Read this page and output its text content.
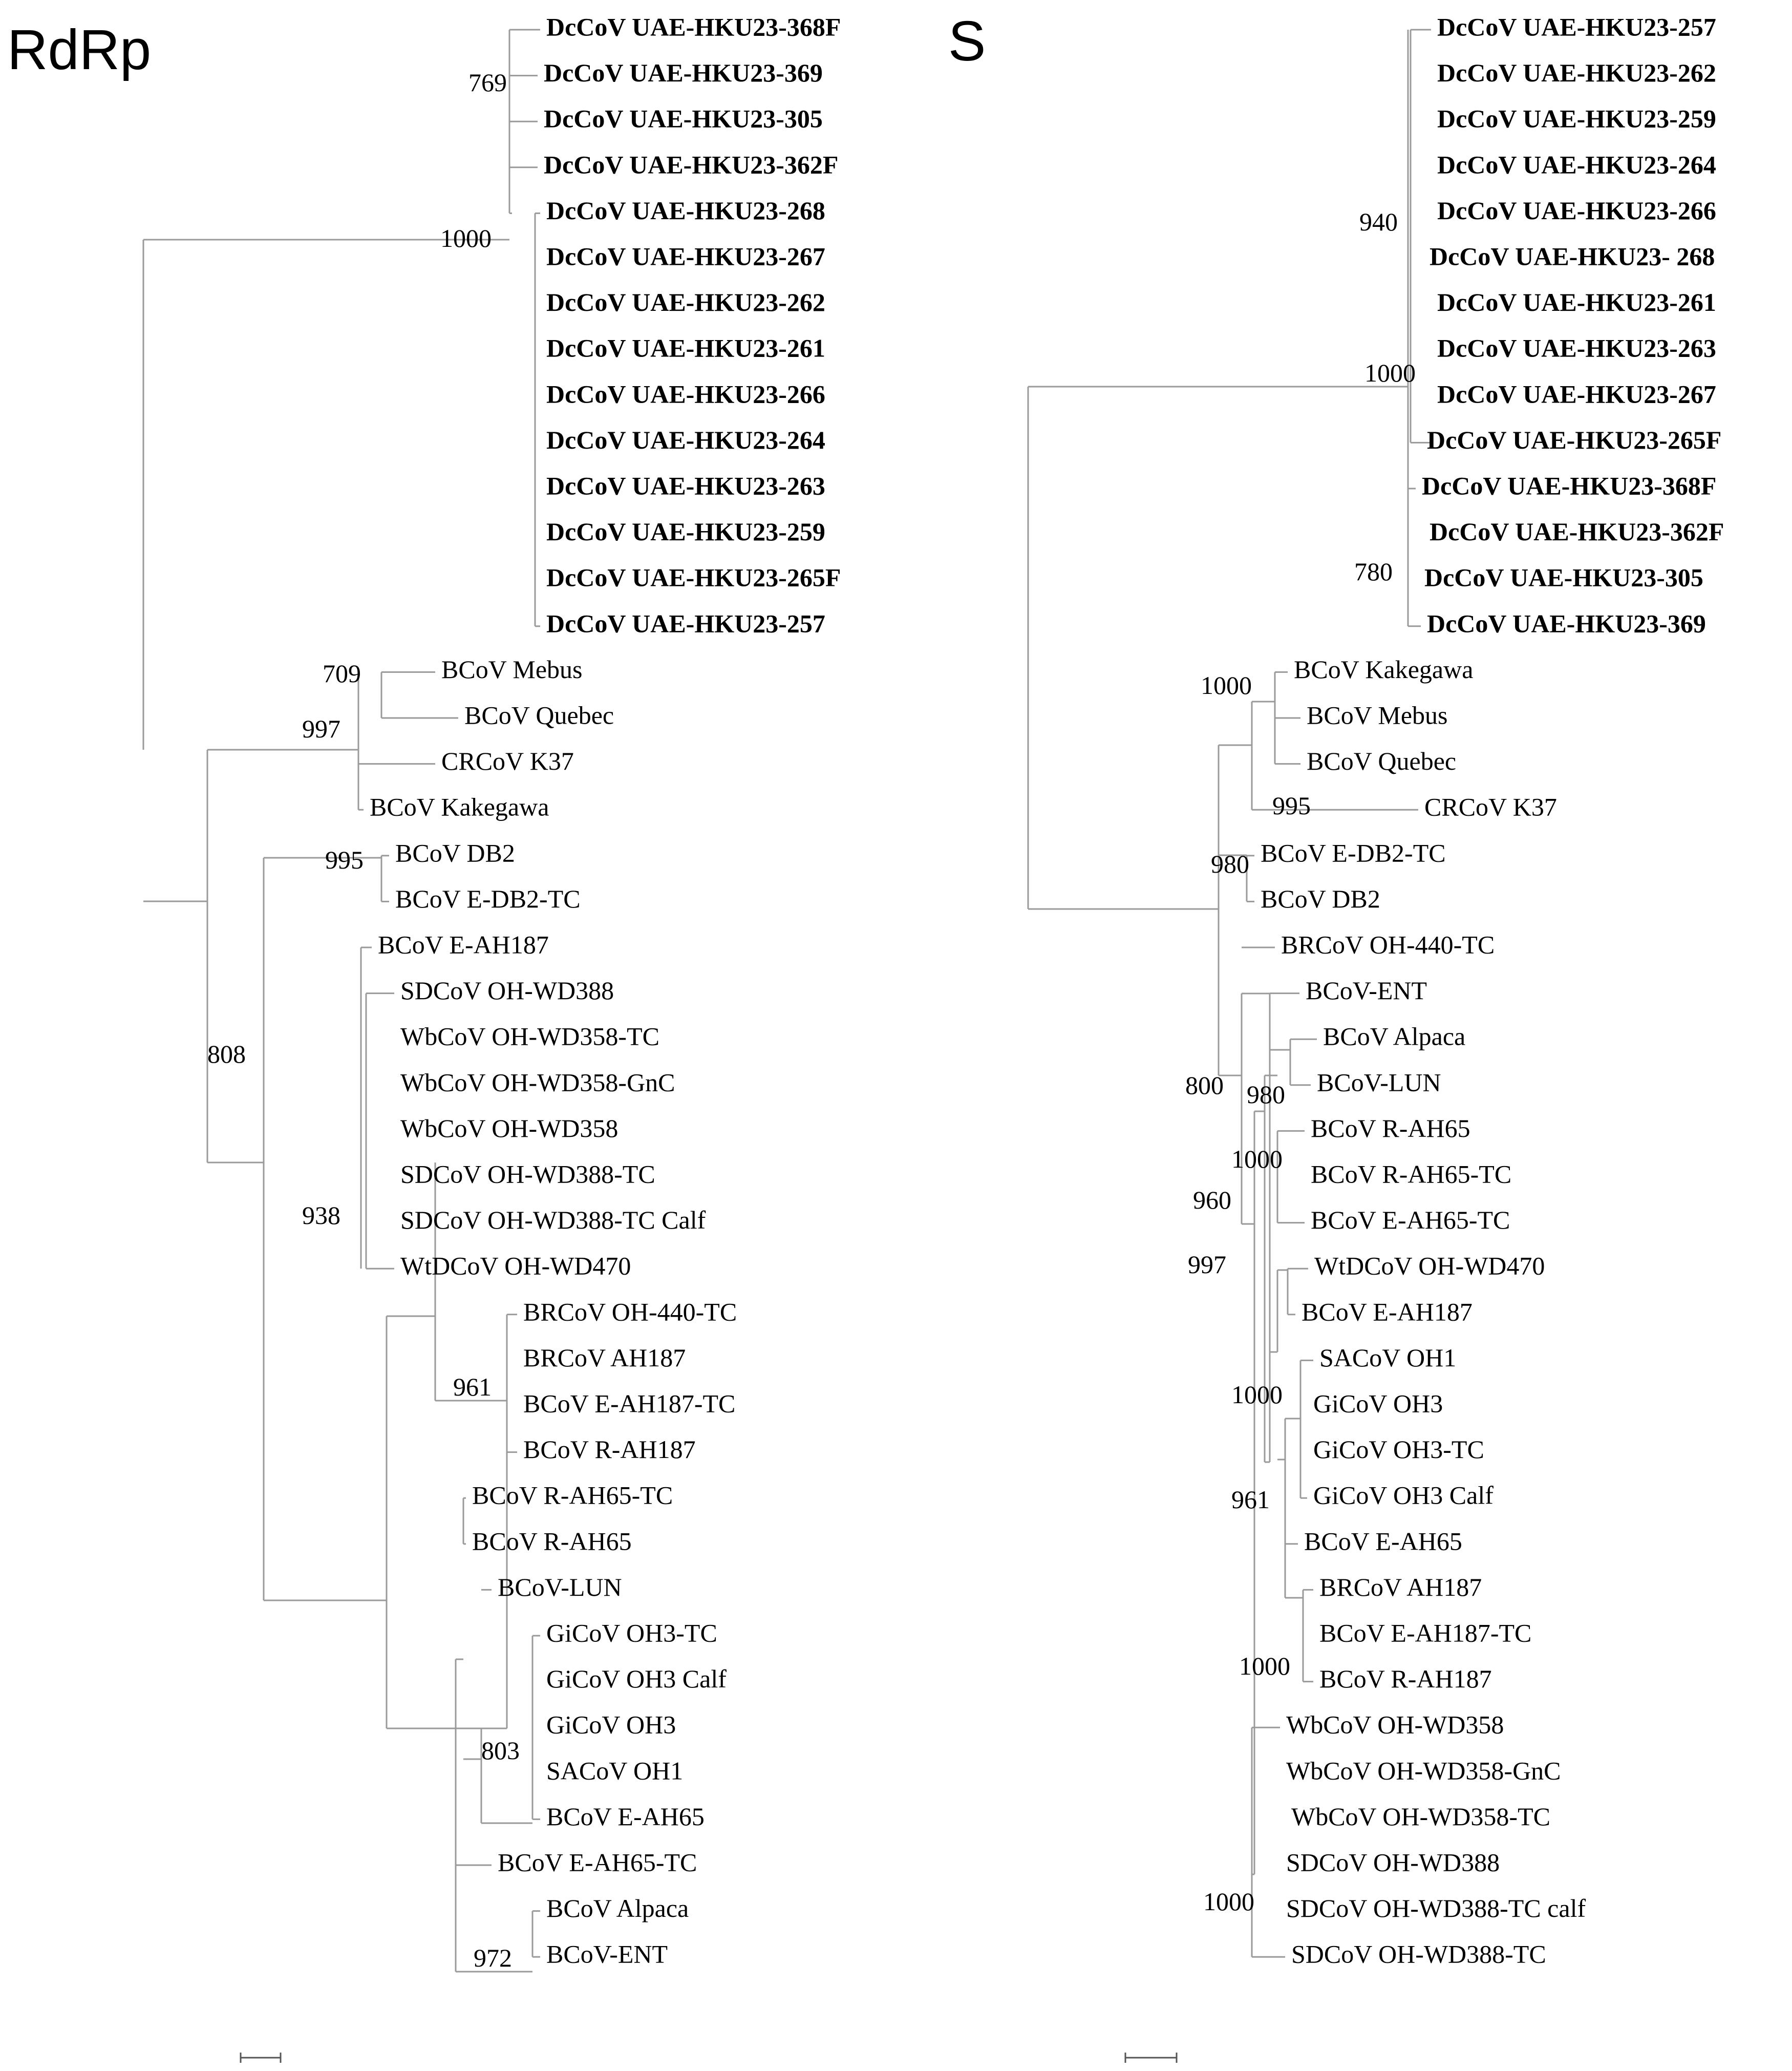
RdRp	DcCoV UAE-HKU23-368F
DcCoV UAE-HKU23-369
DcCoV UAE-HKU23-305
DcCoV UAE-HKU23-362F
DcCoV UAE-HKU23-268
DcCoV UAE-HKU23-267
DcCoV UAE-HKU23-262
DcCoV UAE-HKU23-261
DcCoV UAE-HKU23-266
DcCoV UAE-HKU23-264
DcCoV UAE-HKU23-263
DcCoV UAE-HKU23-259
DcCoV UAE-HKU23-265F
DcCoV UAE-HKU23-257
BCoV Mebus
BCoV Quebec
CRCoV K37
BCoV Kakegawa
BCoV DB2
BCoV E-DB2-TC
BCoV E-AH187
SDCoV OH-WD388
WbCoV OH-WD358-TC
WbCoV OH-WD358-GnC
WbCoV OH-WD358
SDCoV OH-WD388-TC
SDCoV OH-WD388-TC Calf
WtDCoV OH-WD470
BRCoV OH-440-TC
BRCoV AH187
BCoV E-AH187-TC
BCoV R-AH187
BCoV R-AH65-TC
BCoV R-AH65
BCoV-LUN
GiCoV OH3-TC
GiCoV OH3 Calf
GiCoV OH3
SACoV OH1
BCoV E-AH65
BCoV E-AH65-TC
BCoV Alpaca
BCoV-ENT
769
1000
709
997
995
808
938
961
803
972
S	DcCoV UAE-HKU23-257
DcCoV UAE-HKU23-262
DcCoV UAE-HKU23-259
DcCoV UAE-HKU23-264
DcCoV UAE-HKU23-266
DcCoV UAE-HKU23- 268
DcCoV UAE-HKU23-261
DcCoV UAE-HKU23-263
DcCoV UAE-HKU23-267
DcCoV UAE-HKU23-265F
DcCoV UAE-HKU23-368F
DcCoV UAE-HKU23-362F
DcCoV UAE-HKU23-305
DcCoV UAE-HKU23-369
BCoV Kakegawa
BCoV Mebus
BCoV Quebec
CRCoV K37
BCoV E-DB2-TC
BCoV DB2
BRCoV OH-440-TC
BCoV-ENT
BCoV Alpaca
BCoV-LUN
BCoV R-AH65
BCoV R-AH65-TC
BCoV E-AH65-TC
WtDCoV OH-WD470
BCoV E-AH187
SACoV OH1
GiCoV OH3
GiCoV OH3-TC
GiCoV OH3 Calf
BCoV E-AH65
BRCoV AH187
BCoV E-AH187-TC
BCoV R-AH187
WbCoV OH-WD358
WbCoV OH-WD358-GnC
WbCoV OH-WD358-TC
SDCoV OH-WD388
SDCoV OH-WD388-TC calf
SDCoV OH-WD388-TC
940
1000
780
1000
995
980
800 980
1000
960
997
1000
961
1000
1000
